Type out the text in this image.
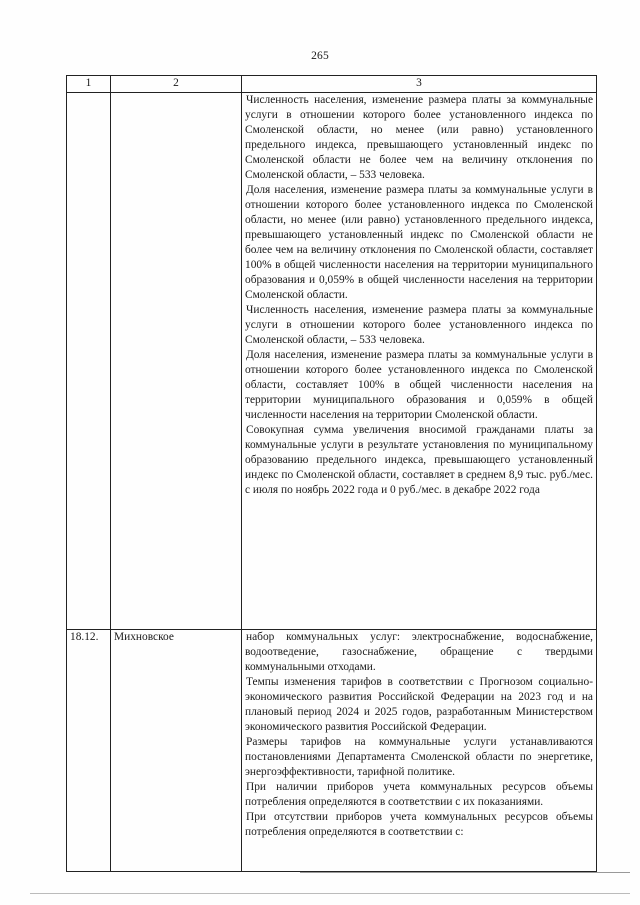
265
1	2	3

		Численность населения, изменение размера платы за коммунальные услуги в отношении которого более установленного индекса по Смоленской области, но менее (или равно) установленного предельного индекса, превышающего установленный индекс по Смоленской области не более чем на величину отклонения по Смоленской области, – 533 человека.

Доля населения, изменение размера платы за коммунальные услуги в отношении которого более установленного индекса по Смоленской области, но менее (или равно) установленного предельного индекса, превышающего установленный индекс по Смоленской области не более чем на величину отклонения по Смоленской области, составляет 100% в общей численности населения на территории муниципального образования и 0,059% в общей численности населения на территории Смоленской области.

Численность населения, изменение размера платы за коммунальные услуги в отношении которого более установленного индекса по Смоленской области, – 533 человека.

Доля населения, изменение размера платы за коммунальные услуги в отношении которого более установленного индекса по Смоленской области, составляет 100% в общей численности населения на территории муниципального образования и 0,059% в общей численности населения на территории Смоленской области.

Совокупная сумма увеличения вносимой гражданами платы за коммунальные услуги в результате установления по муниципальному образованию предельного индекса, превышающего установленный индекс по Смоленской области, составляет в среднем 8,9 тыс. руб./мес. с июля по ноябрь 2022 года и 0 руб./мес. в декабре 2022 года

18.12.	Михновское	набор коммунальных услуг: электроснабжение, водоснабжение, водоотведение, газоснабжение, обращение с твердыми коммунальными отходами.

Темпы изменения тарифов в соответствии с Прогнозом социально-экономического развития Российской Федерации на 2023 год и на плановый период 2024 и 2025 годов, разработанным Министерством экономического развития Российской Федерации.

Размеры тарифов на коммунальные услуги устанавливаются постановлениями Департамента Смоленской области по энергетике, энергоэффективности, тарифной политике.

При наличии приборов учета коммунальных ресурсов объемы потребления определяются в соответствии с их показаниями.

При отсутствии приборов учета коммунальных ресурсов объемы потребления определяются в соответствии с:
